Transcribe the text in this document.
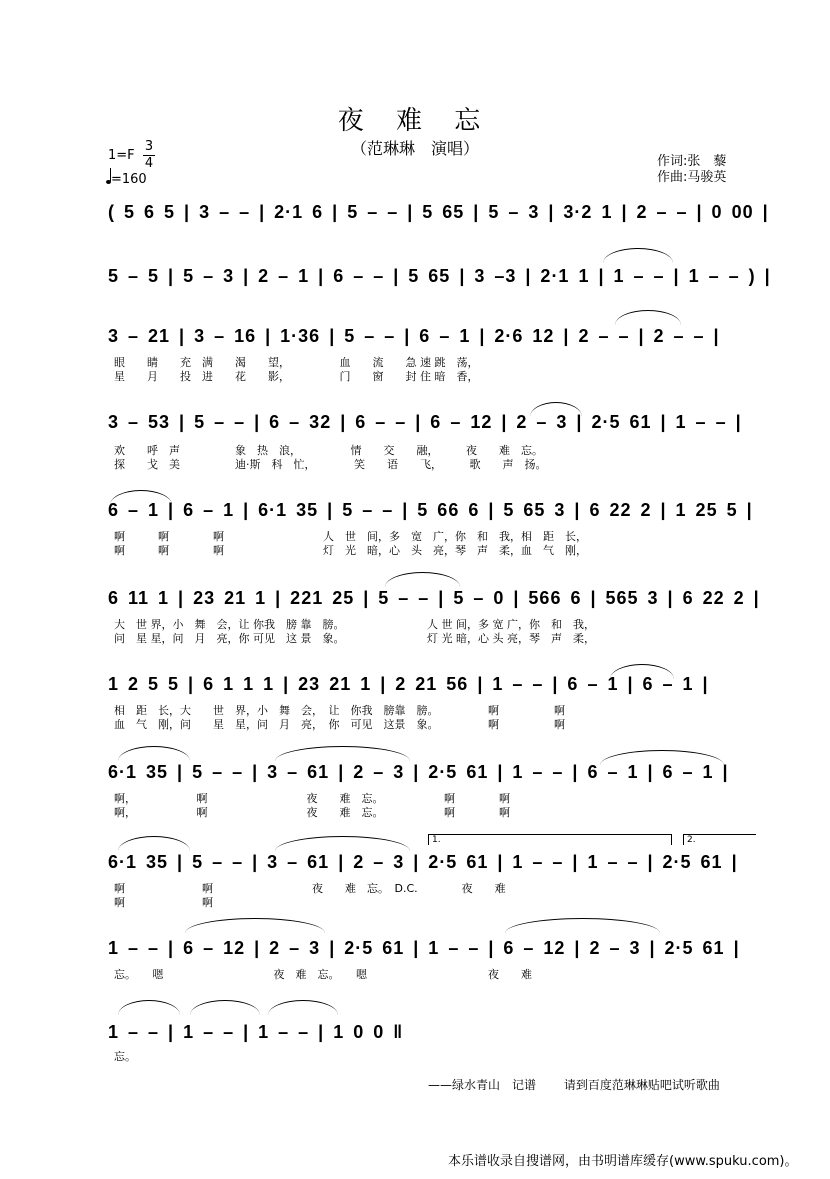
夜 难 忘
（范琳琳　演唱）
1=F
3
4
=160
作词:张　藜
作曲:马骏英
( 5 6 5 | 3 – – | 2·1 6 | 5 – – | 5 65 | 5 – 3 | 3·2 1 | 2 – – | 0 00 |
5 – 5 | 5 – 3 | 2 – 1 | 6 – – | 5 65 | 3 –3 | 2·1 1 | 1 – – | 1 – – ) |
3 – 21 | 3 – 16 | 1·36 | 5 – – | 6 – 1 | 2·6 12 | 2 – – | 2 – – |
眼　　睛　　充　满　　渴　　望，　　　　　血　　流　　急 速 跳　荡，
星　　月　　投　进　　花　　影，　　　　　门　　窗　　封 住 暗　香，
3 – 53 | 5 – – | 6 – 32 | 6 – – | 6 – 12 | 2 – 3 | 2·5 61 | 1 – – |
欢　　呼　声　　　　　象　热　浪，　　　　　情　　交　　融，　　　夜　　难　忘。
探　　戈　美　　　　　迪·斯　科　忙，　　　　笑　　语　　飞，　　　歌　　声　扬。
6 – 1 | 6 – 1 | 6·1 35 | 5 – – | 5 66 6 | 5 65 3 | 6 22 2 | 1 25 5 |
啊　　　啊　　　　啊　　　　　　　　　人　世　间，多　宽　广，你　和　我，相　距　长，
啊　　　啊　　　　啊　　　　　　　　　灯　光　暗，心　头　亮，琴　声　柔，血　气　刚，
6 11 1 | 23 21 1 | 221 25 | 5 – – | 5 – 0 | 566 6 | 565 3 | 6 22 2 |
大　世 界，小　舞　会，让 你我　膀 靠　膀。　　　　　　　　人 世 间，多 宽 广，你　和　我，
问　星 星，问　月　亮，你 可见　这 景　象。　　　　　　　　灯 光 暗，心 头 亮，琴　声　柔，
1 2 5 5 | 6 1 1 1 | 23 21 1 | 2 21 56 | 1 – – | 6 – 1 | 6 – 1 |
相　距　长，大　　世　界，小　舞　会，　让　你我　膀靠　膀。　　　　　啊　　　　　啊
血　气　刚，问　　星　星，问　月　亮，　你　可见　这景　象。　　　　　啊　　　　　啊
6·1 35 | 5 – – | 3 – 61 | 2 – 3 | 2·5 61 | 1 – – | 6 – 1 | 6 – 1 |
啊，　　　　　　啊　　　　　　　　　夜　　难　忘。　　　　　　啊　　　　啊
啊，　　　　　　啊　　　　　　　　　夜　　难　忘。　　　　　　啊　　　　啊
1.	2.
6·1 35 | 5 – – | 3 – 61 | 2 – 3 | 2·5 61 | 1 – – | 1 – – | 2·5 61 |
啊　　　　　　　啊　　　　　　　　　夜　　难　忘。　D.C.　　　　夜　　难
啊　　　　　　　啊
1 – – | 6 – 12 | 2 – 3 | 2·5 61 | 1 – – | 6 – 12 | 2 – 3 | 2·5 61 |
忘。　　嗯　　　　　　　　　　夜　难　忘。　　嗯　　　　　　　　　　　夜　　难
1 – – | 1 – – | 1 – – | 1 0 0 ‖
忘。
——绿水青山　记谱　　 请到百度范琳琳贴吧试听歌曲
本乐谱收录自搜谱网，由书明谱库缓存(www.spuku.com)。
